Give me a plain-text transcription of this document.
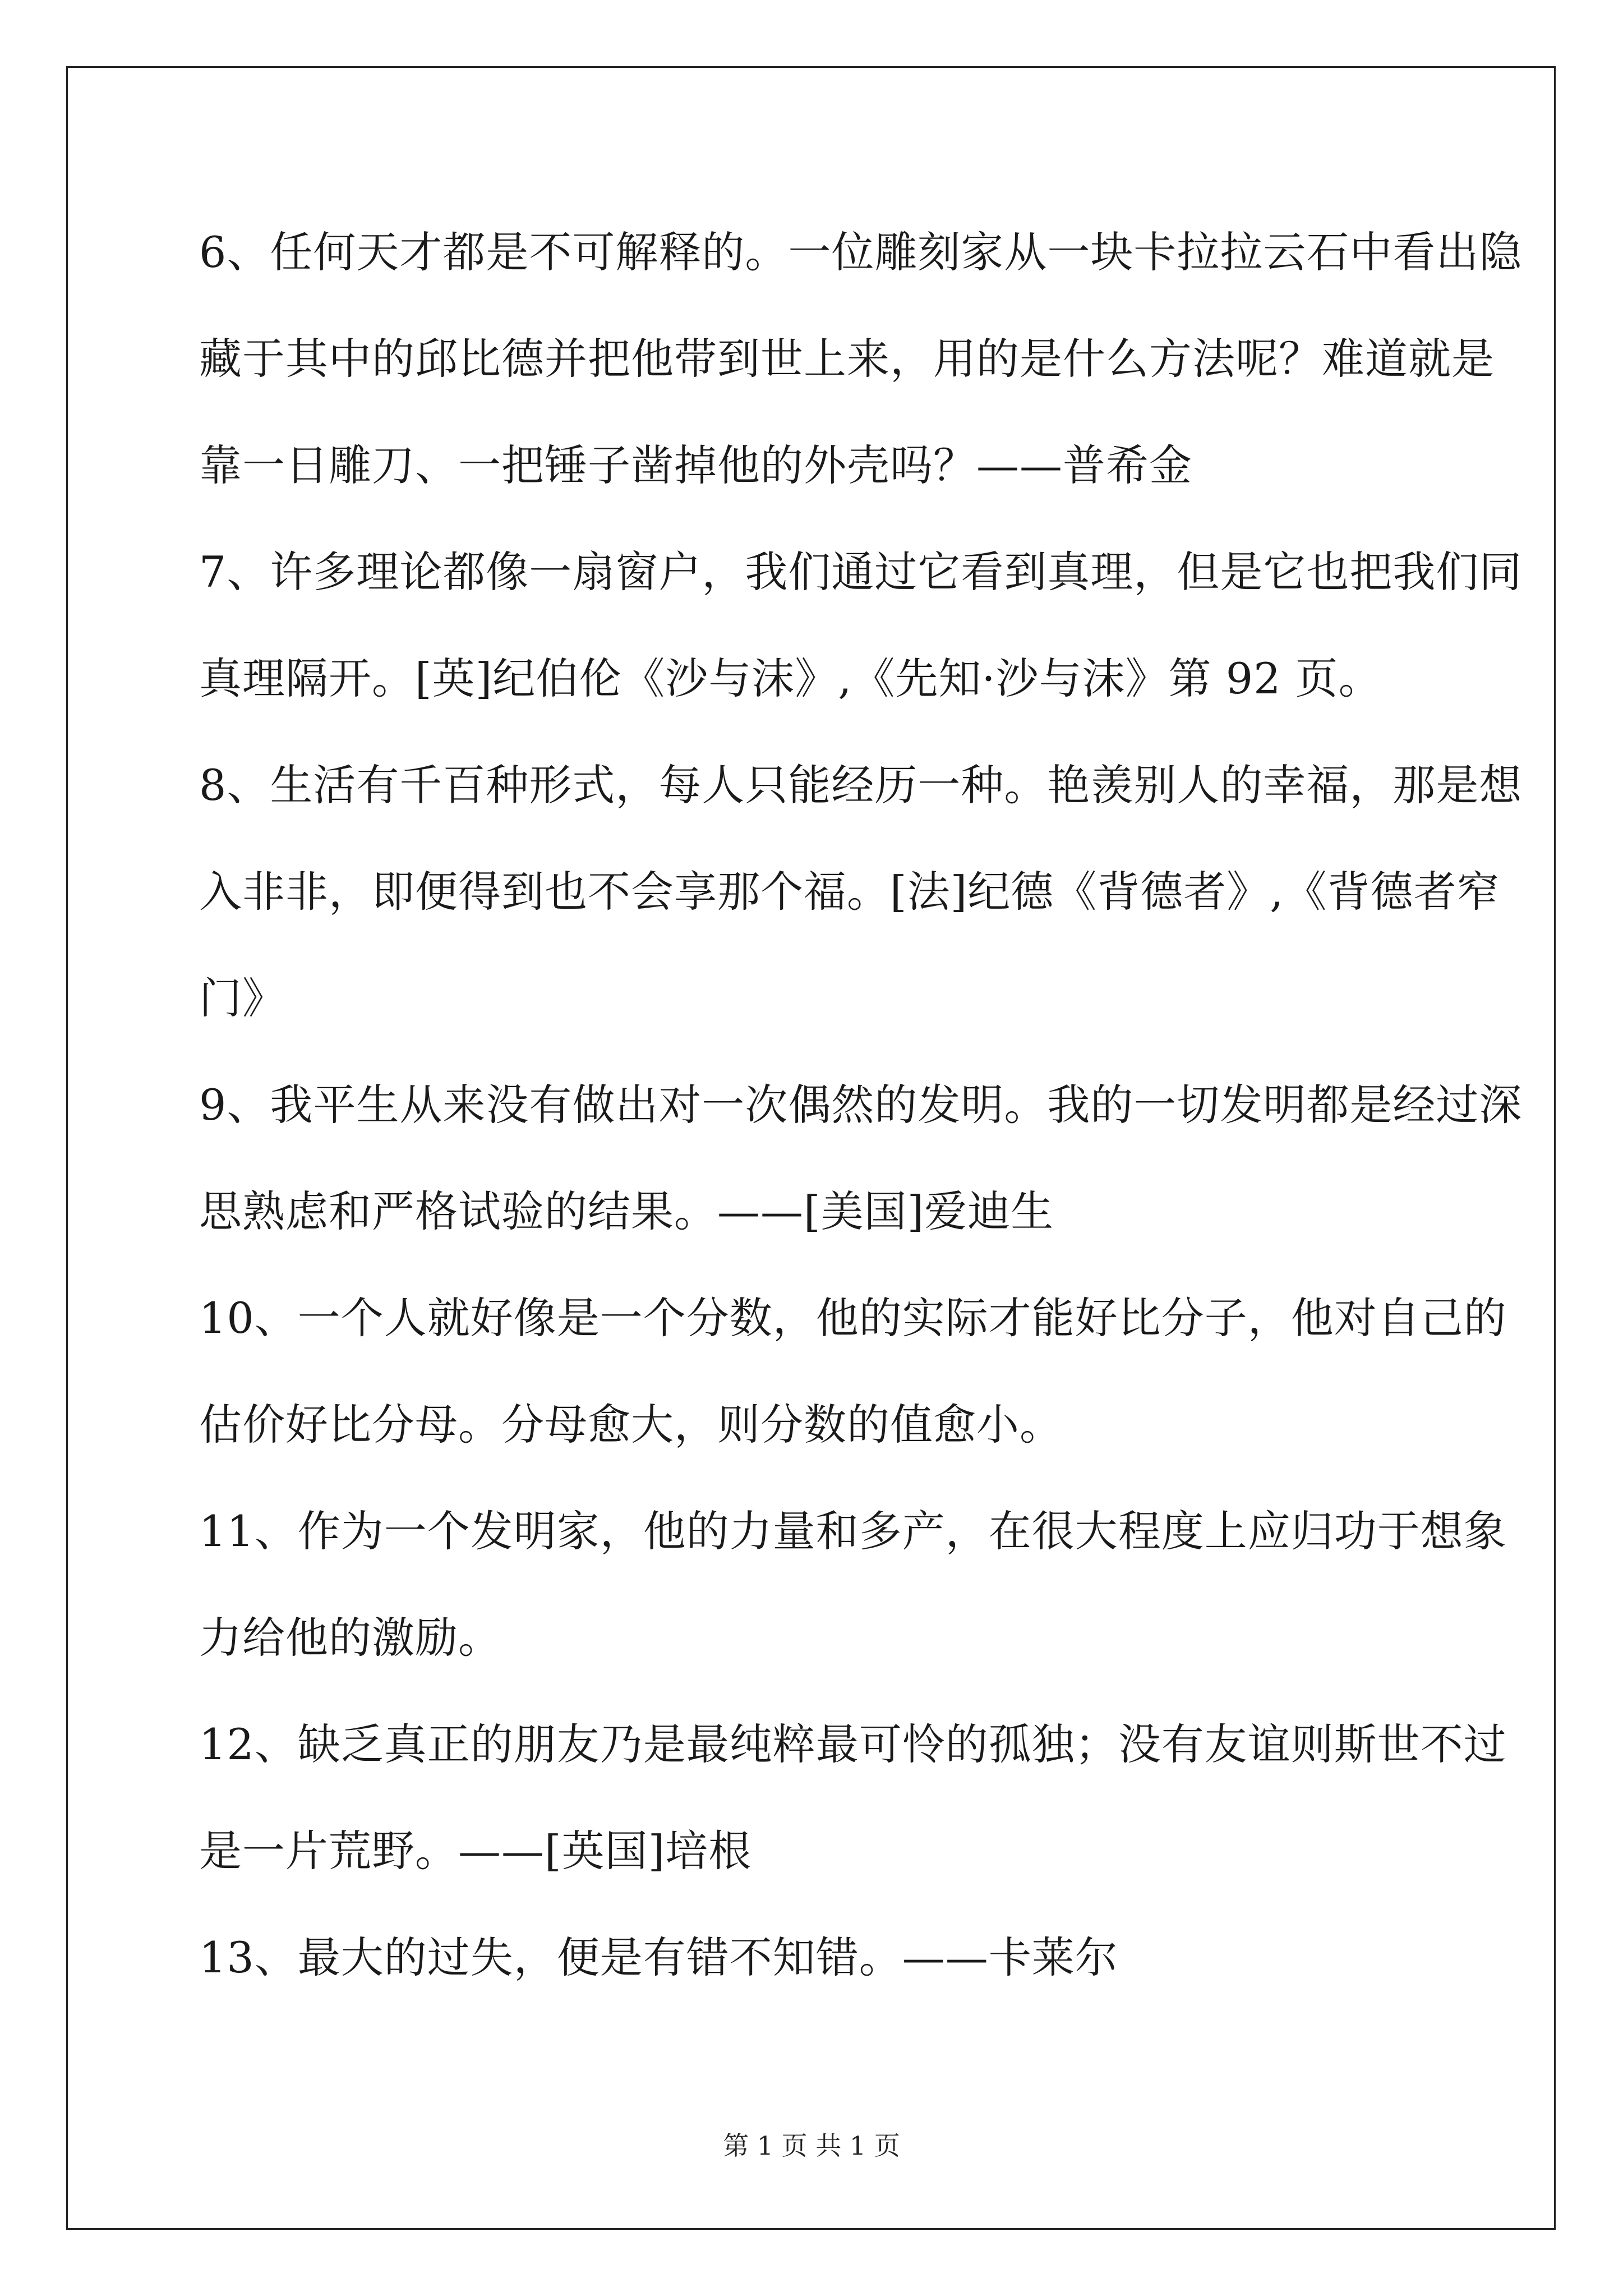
6、任何天才都是不可解释的。一位雕刻家从一块卡拉拉云石中看出隐
藏于其中的邱比德并把他带到世上来，用的是什么方法呢？难道就是
靠一日雕刀、一把锤子凿掉他的外壳吗？——普希金
7、许多理论都像一扇窗户，我们通过它看到真理，但是它也把我们同
真理隔开。[英]纪伯伦《沙与沫》,《先知·沙与沫》第 92 页。
8、生活有千百种形式，每人只能经历一种。艳羡别人的幸福，那是想
入非非，即便得到也不会享那个福。[法]纪德《背德者》,《背德者窄
门》
9、我平生从来没有做出对一次偶然的发明。我的一切发明都是经过深
思熟虑和严格试验的结果。——[美国]爱迪生
10、一个人就好像是一个分数，他的实际才能好比分子，他对自己的
估价好比分母。分母愈大，则分数的值愈小。
11、作为一个发明家，他的力量和多产，在很大程度上应归功于想象
力给他的激励。
12、缺乏真正的朋友乃是最纯粹最可怜的孤独；没有友谊则斯世不过
是一片荒野。——[英国]培根
13、最大的过失，便是有错不知错。——卡莱尔
第 1 页 共 1 页
